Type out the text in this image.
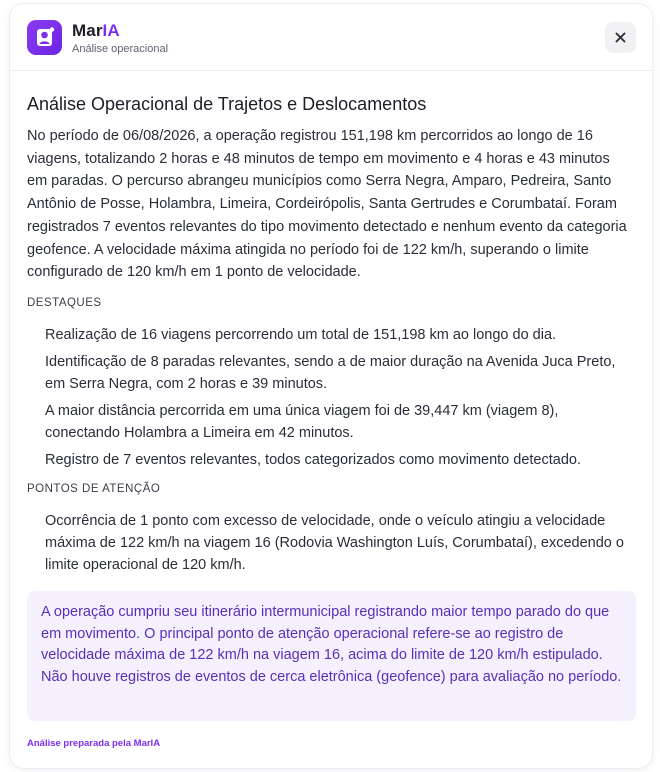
MarIA
Análise operacional
Análise Operacional de Trajetos e Deslocamentos
No período de 06/08/2026, a operação registrou 151,198 km percorridos ao longo de 16 viagens, totalizando 2 horas e 48 minutos de tempo em movimento e 4 horas e 43 minutos em paradas. O percurso abrangeu municípios como Serra Negra, Amparo, Pedreira, Santo Antônio de Posse, Holambra, Limeira, Cordeirópolis, Santa Gertrudes e Corumbataí. Foram registrados 7 eventos relevantes do tipo movimento detectado e nenhum evento da categoria geofence. A velocidade máxima atingida no período foi de 122 km/h, superando o limite configurado de 120 km/h em 1 ponto de velocidade.
DESTAQUES
Realização de 16 viagens percorrendo um total de 151,198 km ao longo do dia.
Identificação de 8 paradas relevantes, sendo a de maior duração na Avenida Juca Preto, em Serra Negra, com 2 horas e 39 minutos.
A maior distância percorrida em uma única viagem foi de 39,447 km (viagem 8), conectando Holambra a Limeira em 42 minutos.
Registro de 7 eventos relevantes, todos categorizados como movimento detectado.
PONTOS DE ATENÇÃO
Ocorrência de 1 ponto com excesso de velocidade, onde o veículo atingiu a velocidade máxima de 122 km/h na viagem 16 (Rodovia Washington Luís, Corumbataí), excedendo o limite operacional de 120 km/h.
A operação cumpriu seu itinerário intermunicipal registrando maior tempo parado do que em movimento. O principal ponto de atenção operacional refere-se ao registro de velocidade máxima de 122 km/h na viagem 16, acima do limite de 120 km/h estipulado. Não houve registros de eventos de cerca eletrônica (geofence) para avaliação no período.
Análise preparada pela MarIA
